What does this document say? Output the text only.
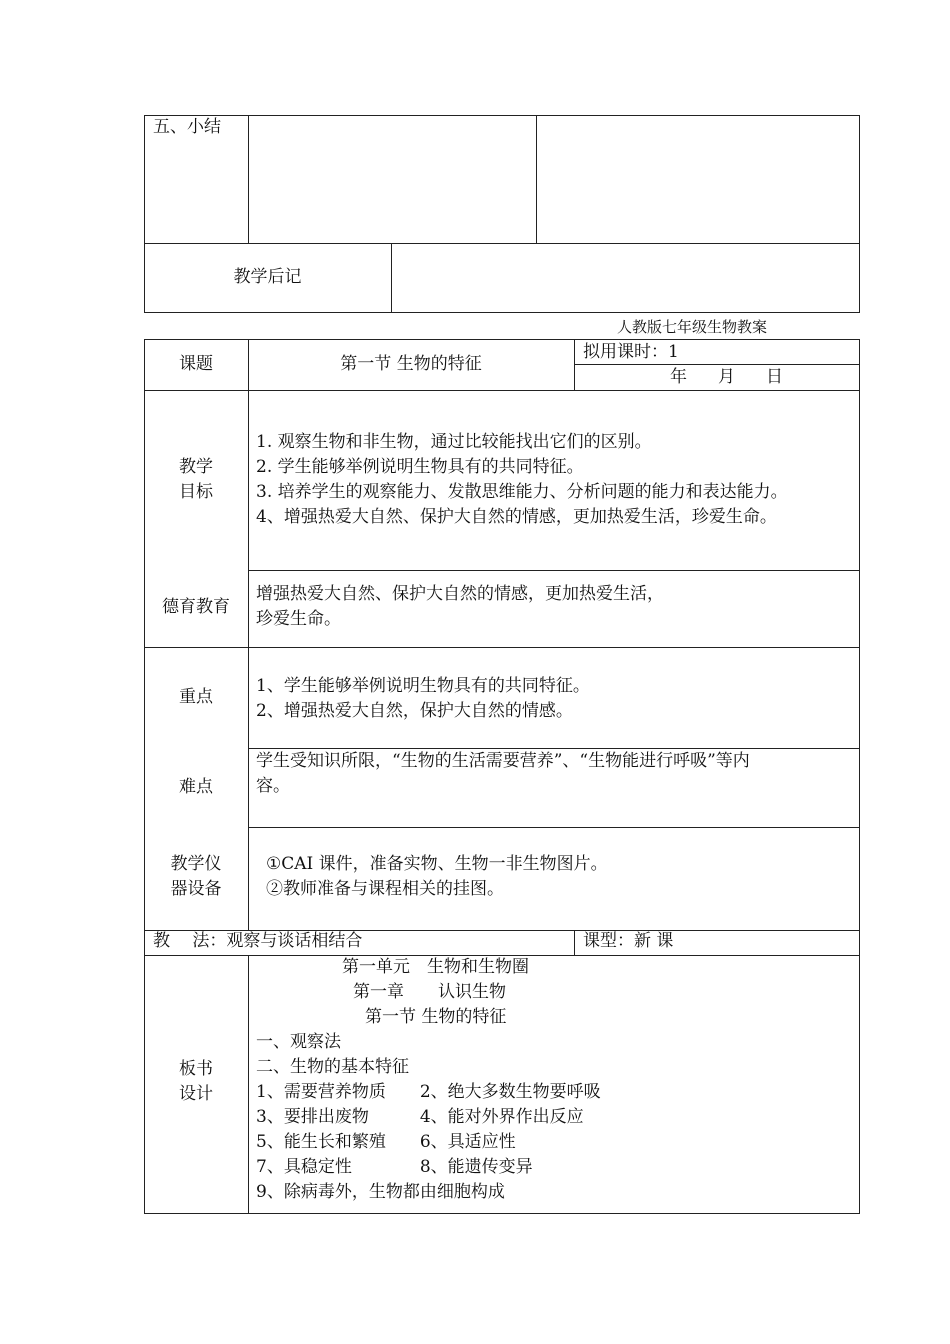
五、小结
教学后记
人教版七年级生物教案
课题	第一节 生物的特征
拟用课时：1
年 月 日
教学
目标
1. 观察生物和非生物，通过比较能找出它们的区别。
2. 学生能够举例说明生物具有的共同特征。
3. 培养学生的观察能力、发散思维能力、分析问题的能力和表达能力。
4、增强热爱大自然、保护大自然的情感，更加热爱生活，珍爱生命。
德育教育
增强热爱大自然、保护大自然的情感，更加热爱生活，
珍爱生命。
重点
1、学生能够举例说明生物具有的共同特征。
2、增强热爱大自然，保护大自然的情感。
难点
学生受知识所限，“生物的生活需要营养”、“生物能进行呼吸”等内
容。
教学仪
器设备
①CAI 课件，准备实物、生物一非生物图片。
②教师准备与课程相关的挂图。
教　 法：观察与谈话相结合	课型：新 课
板书
设计
第一单元　生物和生物圈
第一章　　认识生物
第一节 生物的特征
一、观察法
二、生物的基本特征
1、需要营养物质　　2、绝大多数生物要呼吸
3、要排出废物　　　4、能对外界作出反应
5、能生长和繁殖　　6、具适应性
7、具稳定性　　　　8、能遗传变异
9、除病毒外，生物都由细胞构成
